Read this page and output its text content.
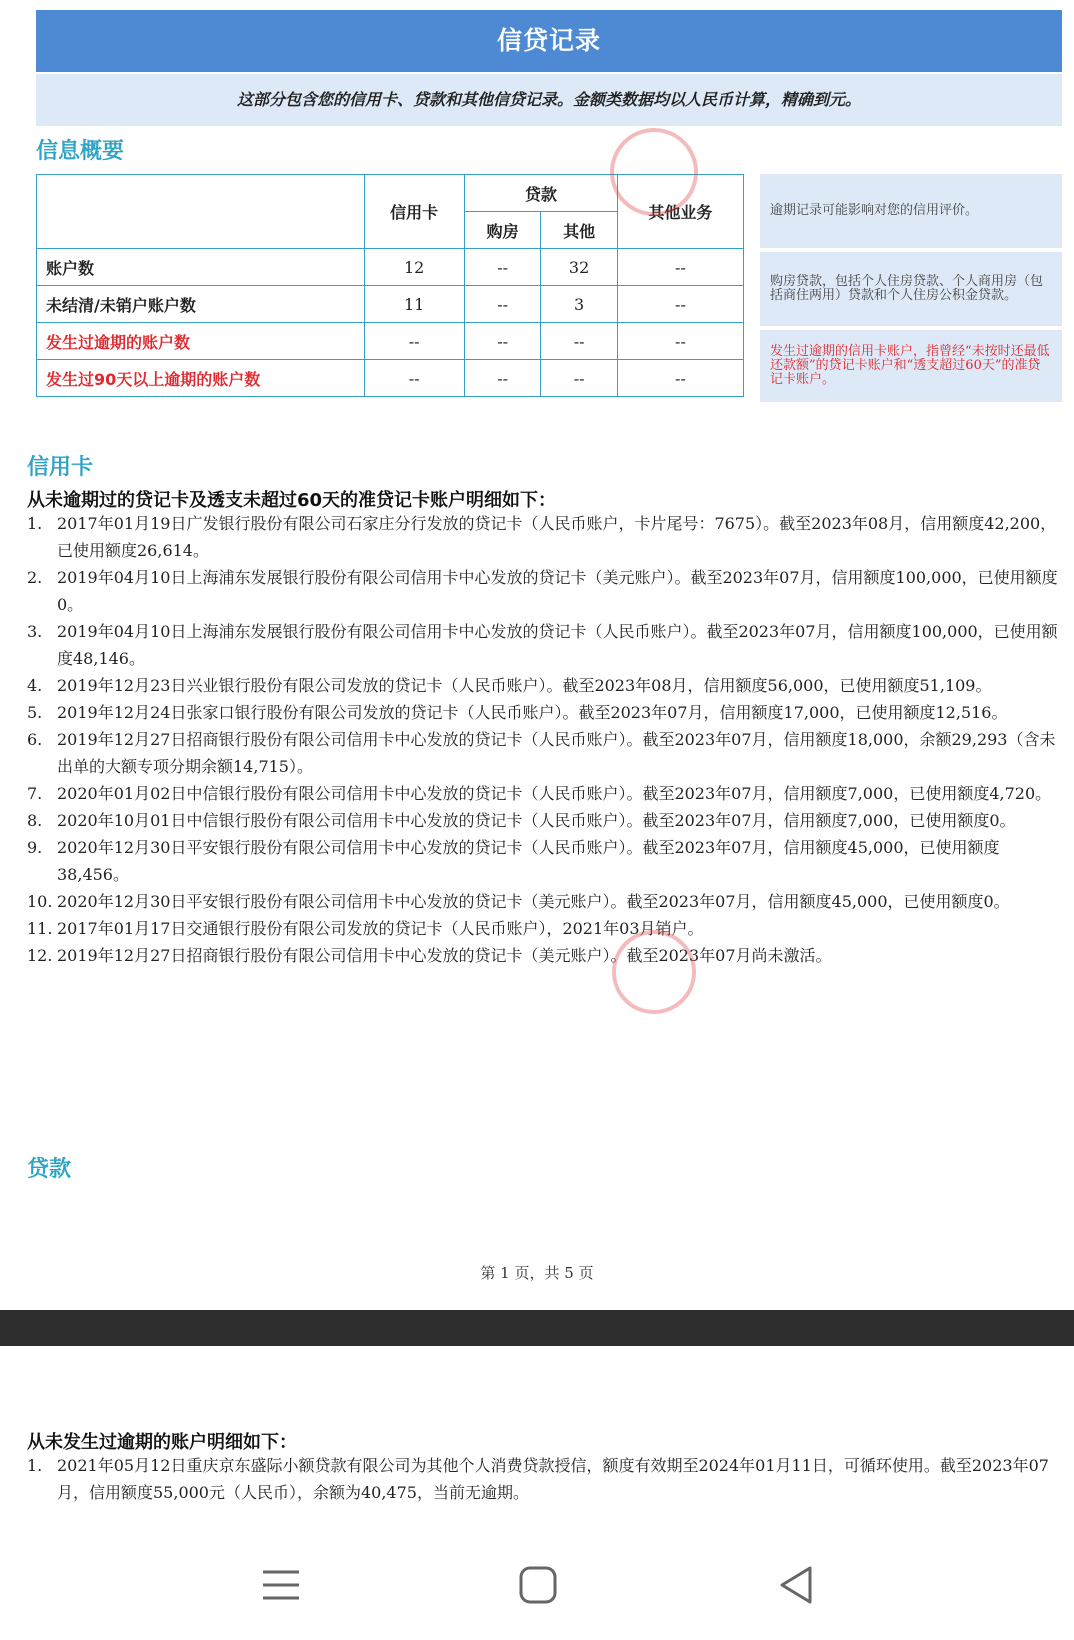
信贷记录
这部分包含您的信用卡、贷款和其他信贷记录。金额类数据均以人民币计算，精确到元。
信息概要
	信用卡	贷款		其他业务
		购房	其他	
账户数	12	--	32	--
未结清/未销户账户数	11	--	3	--
发生过逾期的账户数	--	--	--	--
发生过90天以上逾期的账户数	--	--	--	--
逾期记录可能影响对您的信用评价。
购房贷款，包括个人住房贷款、个人商用房（包括商住两用）贷款和个人住房公积金贷款。
发生过逾期的信用卡账户，指曾经“未按时还最低还款额”的贷记卡账户和“透支超过60天”的准贷记卡账户。
信用卡
从未逾期过的贷记卡及透支未超过60天的准贷记卡账户明细如下：
1. 2017年01月19日广发银行股份有限公司石家庄分行发放的贷记卡（人民币账户，卡片尾号：7675）。截至2023年08月，信用额度42,200，已使用额度26,614。
2. 2019年04月10日上海浦东发展银行股份有限公司信用卡中心发放的贷记卡（美元账户）。截至2023年07月，信用额度100,000，已使用额度0。
3. 2019年04月10日上海浦东发展银行股份有限公司信用卡中心发放的贷记卡（人民币账户）。截至2023年07月，信用额度100,000，已使用额度48,146。
4. 2019年12月23日兴业银行股份有限公司发放的贷记卡（人民币账户）。截至2023年08月，信用额度56,000，已使用额度51,109。
5. 2019年12月24日张家口银行股份有限公司发放的贷记卡（人民币账户）。截至2023年07月，信用额度17,000，已使用额度12,516。
6. 2019年12月27日招商银行股份有限公司信用卡中心发放的贷记卡（人民币账户）。截至2023年07月，信用额度18,000，余额29,293（含未出单的大额专项分期余额14,715）。
7. 2020年01月02日中信银行股份有限公司信用卡中心发放的贷记卡（人民币账户）。截至2023年07月，信用额度7,000，已使用额度4,720。
8. 2020年10月01日中信银行股份有限公司信用卡中心发放的贷记卡（人民币账户）。截至2023年07月，信用额度7,000，已使用额度0。
9. 2020年12月30日平安银行股份有限公司信用卡中心发放的贷记卡（人民币账户）。截至2023年07月，信用额度45,000，已使用额度38,456。
10. 2020年12月30日平安银行股份有限公司信用卡中心发放的贷记卡（美元账户）。截至2023年07月，信用额度45,000，已使用额度0。
11. 2017年01月17日交通银行股份有限公司发放的贷记卡（人民币账户），2021年03月销户。
12. 2019年12月27日招商银行股份有限公司信用卡中心发放的贷记卡（美元账户）。截至2023年07月尚未激活。
贷款
第 1 页，共 5 页
从未发生过逾期的账户明细如下：
1. 2021年05月12日重庆京东盛际小额贷款有限公司为其他个人消费贷款授信，额度有效期至2024年01月11日，可循环使用。截至2023年07月，信用额度55,000元（人民币），余额为40,475，当前无逾期。
